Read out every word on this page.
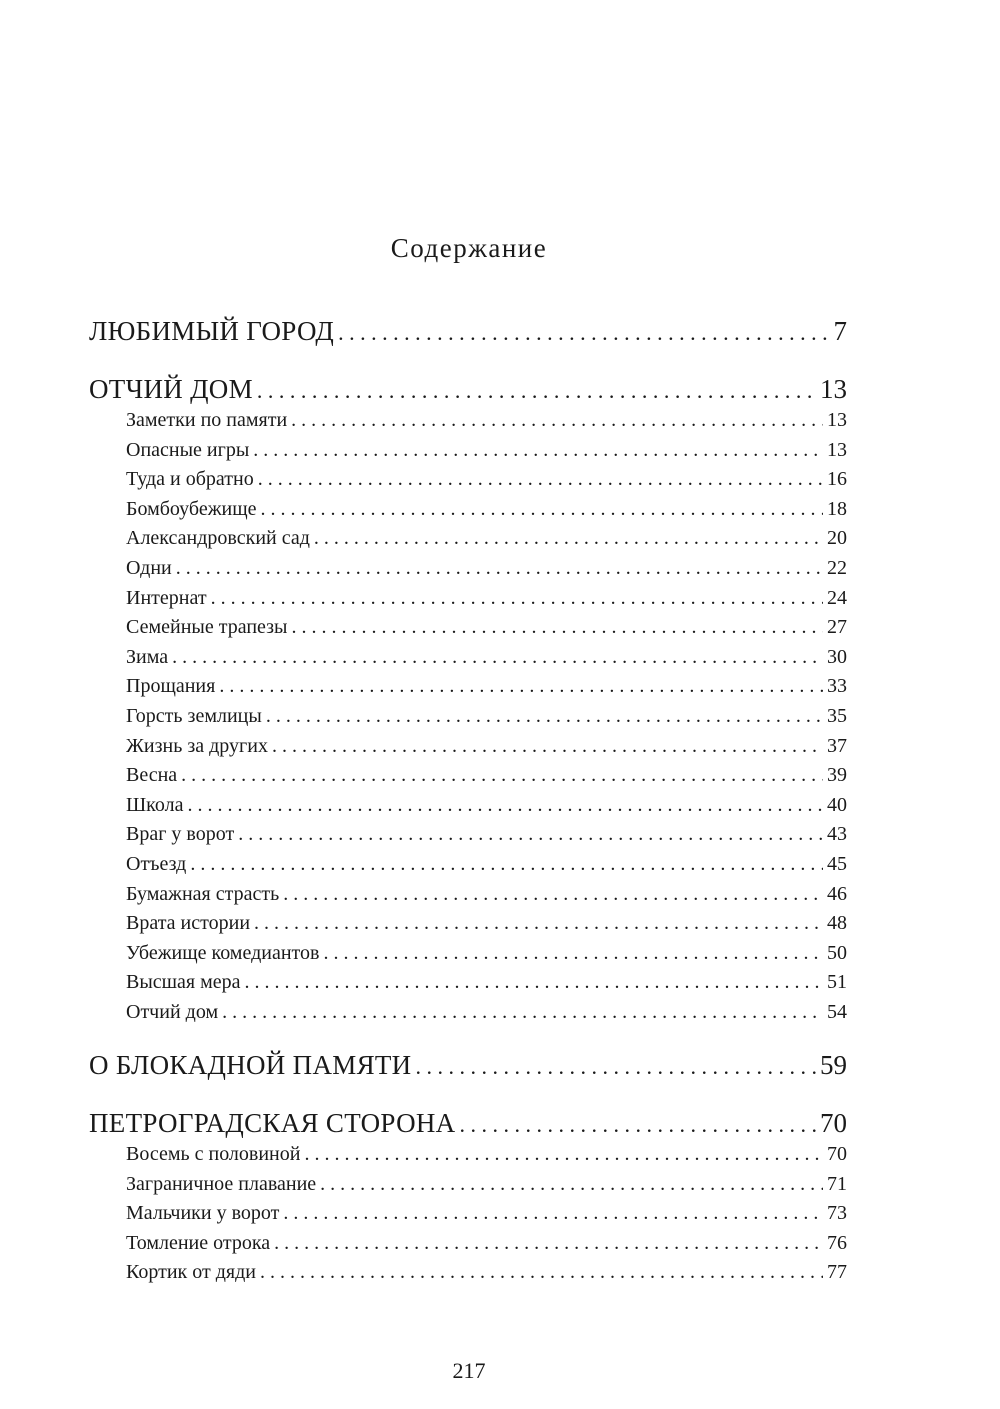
Содержание
ЛЮБИМЫЙ ГОРОД . . .	7
ОТЧИЙ ДОМ . . .	13
Заметки по памяти . . .	13
Опасные игры . . .	13
Туда и обратно . . .	16
Бомбоубежище . . .	18
Александровский сад . . .	20
Одни . . .	22
Интернат . . .	24
Семейные трапезы . . .	27
Зима . . .	30
Прощания . . .	33
Горсть землицы . . .	35
Жизнь за других . . .	37
Весна . . .	39
Школа . . .	40
Враг у ворот . . .	43
Отъезд . . .	45
Бумажная страсть . . .	46
Врата истории . . .	48
Убежище комедиантов . . .	50
Высшая мера . . .	51
Отчий дом . . .	54
О БЛОКАДНОЙ ПАМЯТИ . . .	59
ПЕТРОГРАДСКАЯ СТОРОНА . . .	70
Восемь с половиной . . .	70
Заграничное плавание . . .	71
Мальчики у ворот . . .	73
Томление отрока . . .	76
Кортик от дяди . . .	77
217
